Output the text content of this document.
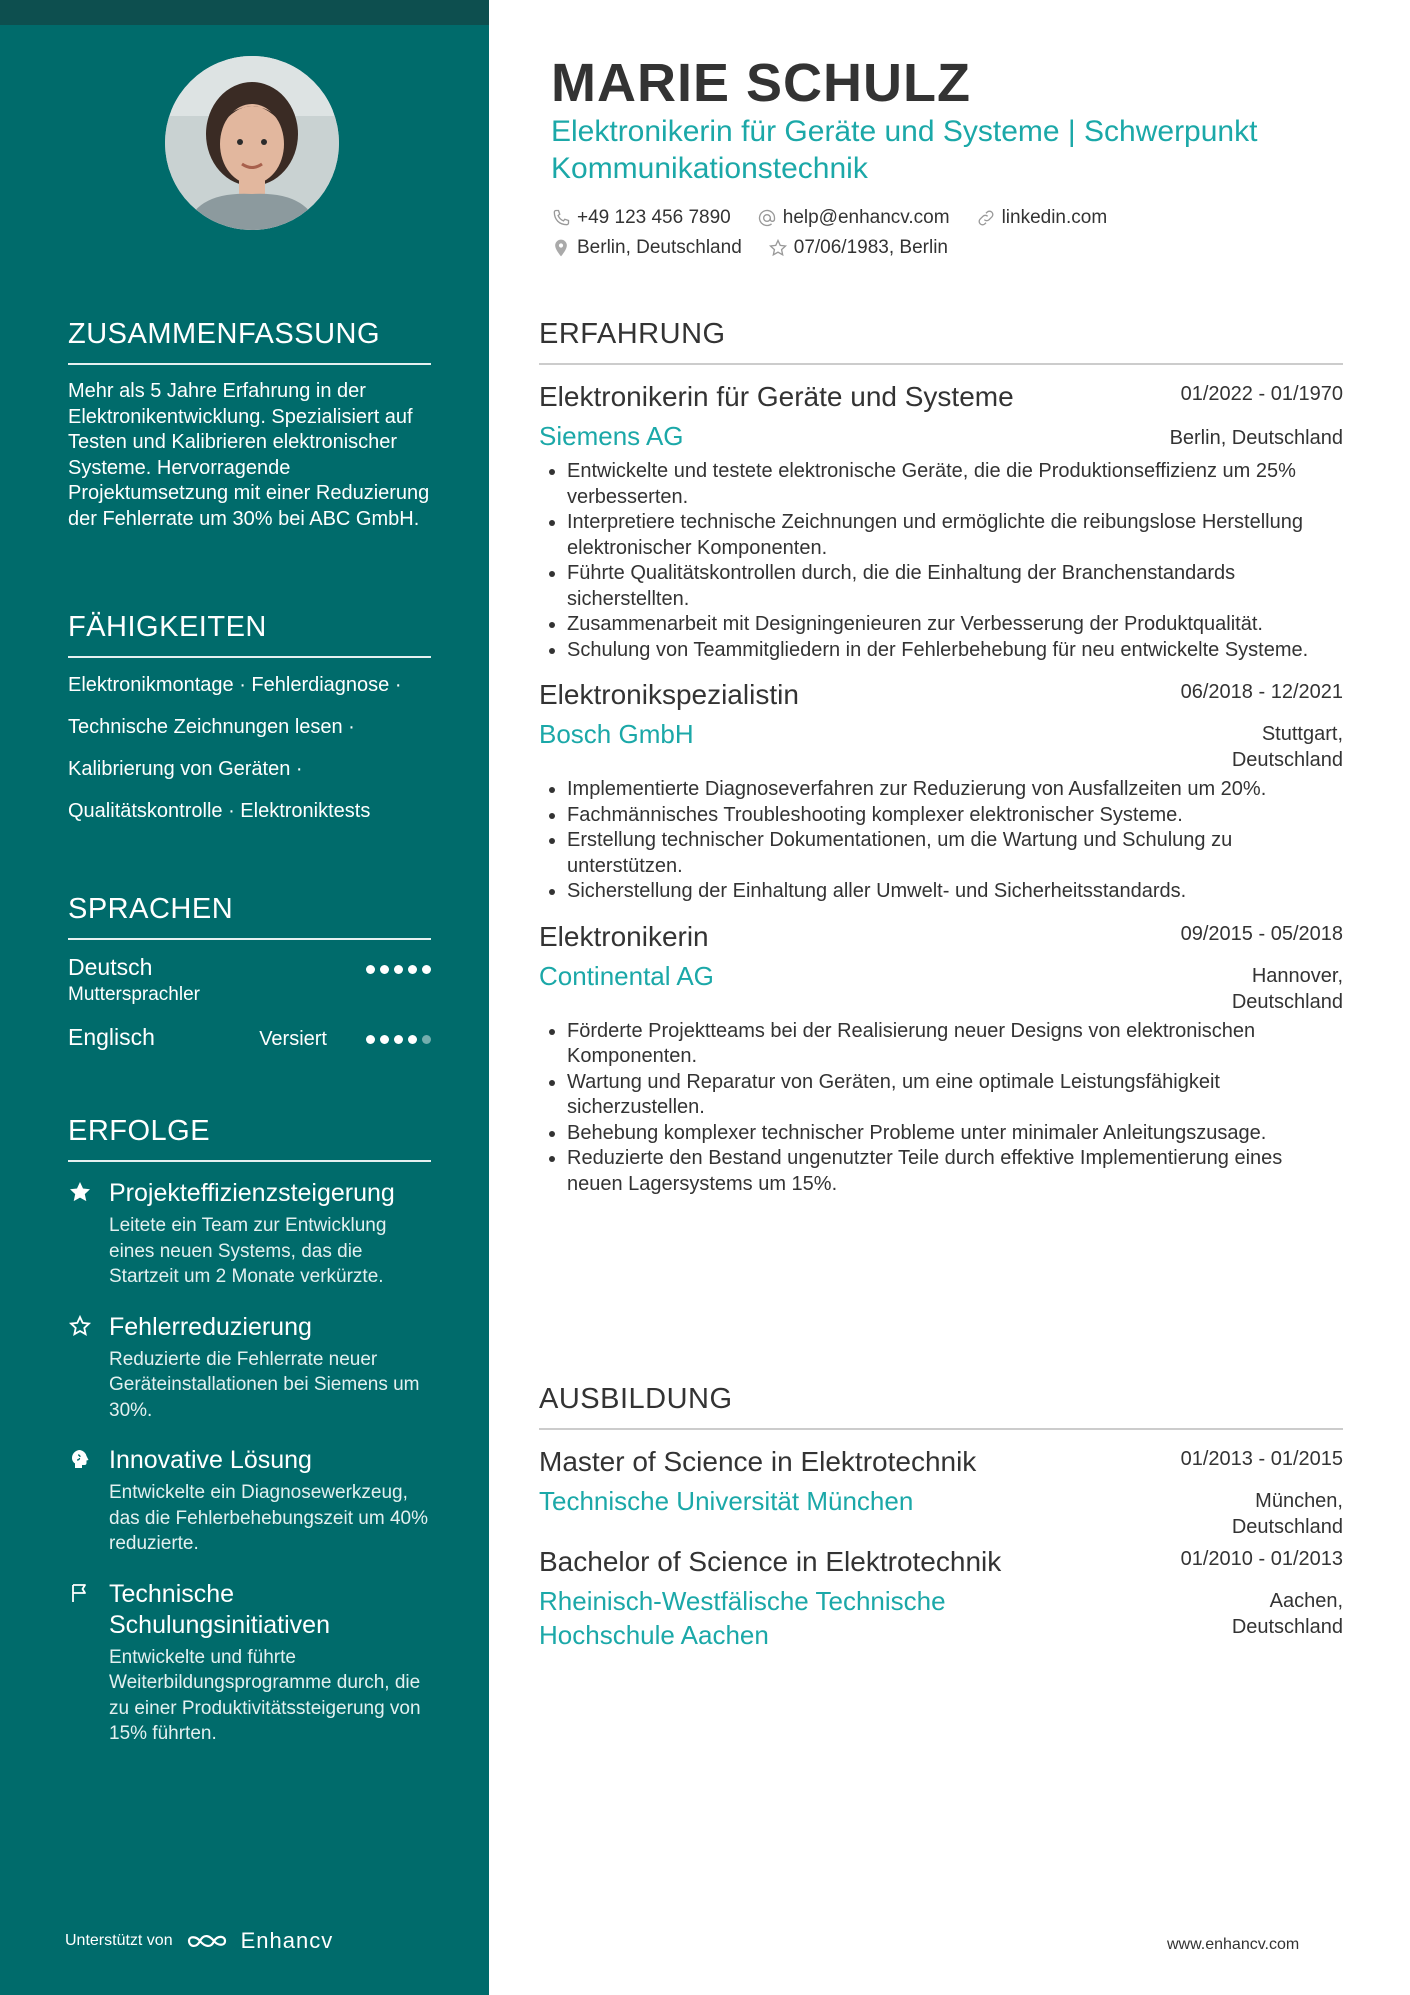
ZUSAMMENFASSUNG
Mehr als 5 Jahre Erfahrung in der Elektronikentwicklung. Spezialisiert auf Testen und Kalibrieren elektronischer Systeme. Hervorragende Projektumsetzung mit einer Reduzierung der Fehlerrate um 30% bei ABC GmbH.
FÄHIGKEITEN
Elektronikmontage · Fehlerdiagnose ·
Technische Zeichnungen lesen ·
Kalibrierung von Geräten ·
Qualitätskontrolle · Elektroniktests
SPRACHEN
Deutsch
Muttersprachler
Englisch	Versiert
ERFOLGE
Projekteffizienzsteigerung
Leitete ein Team zur Entwicklung eines neuen Systems, das die Startzeit um 2 Monate verkürzte.
Fehlerreduzierung
Reduzierte die Fehlerrate neuer Geräteinstallationen bei Siemens um 30%.
Innovative Lösung
Entwickelte ein Diagnosewerkzeug, das die Fehlerbehebungszeit um 40% reduzierte.
Technische Schulungsinitiativen
Entwickelte und führte Weiterbildungsprogramme durch, die zu einer Produktivitätssteigerung von 15% führten.
Unterstützt von	Enhancv
MARIE SCHULZ
Elektronikerin für Geräte und Systeme | Schwerpunkt Kommunikationstechnik
+49 123 456 7890	help@enhancv.com	linkedin.com
Berlin, Deutschland	07/06/1983, Berlin
ERFAHRUNG
Elektronikerin für Geräte und Systeme	01/2022 - 01/1970
Siemens AG	Berlin, Deutschland
• Entwickelte und testete elektronische Geräte, die die Produktionseffizienz um 25% verbesserten.
• Interpretiere technische Zeichnungen und ermöglichte die reibungslose Herstellung elektronischer Komponenten.
• Führte Qualitätskontrollen durch, die die Einhaltung der Branchenstandards sicherstellten.
• Zusammenarbeit mit Designingenieuren zur Verbesserung der Produktqualität.
• Schulung von Teammitgliedern in der Fehlerbehebung für neu entwickelte Systeme.
Elektronikspezialistin	06/2018 - 12/2021
Bosch GmbH	Stuttgart,
Deutschland
• Implementierte Diagnoseverfahren zur Reduzierung von Ausfallzeiten um 20%.
• Fachmännisches Troubleshooting komplexer elektronischer Systeme.
• Erstellung technischer Dokumentationen, um die Wartung und Schulung zu unterstützen.
• Sicherstellung der Einhaltung aller Umwelt- und Sicherheitsstandards.
Elektronikerin	09/2015 - 05/2018
Continental AG	Hannover,
Deutschland
• Förderte Projektteams bei der Realisierung neuer Designs von elektronischen Komponenten.
• Wartung und Reparatur von Geräten, um eine optimale Leistungsfähigkeit sicherzustellen.
• Behebung komplexer technischer Probleme unter minimaler Anleitungszusage.
• Reduzierte den Bestand ungenutzter Teile durch effektive Implementierung eines neuen Lagersystems um 15%.
AUSBILDUNG
Master of Science in Elektrotechnik	01/2013 - 01/2015
Technische Universität München	München,
Deutschland
Bachelor of Science in Elektrotechnik	01/2010 - 01/2013
Rheinisch-Westfälische Technische Hochschule Aachen
Aachen,
Deutschland
www.enhancv.com
